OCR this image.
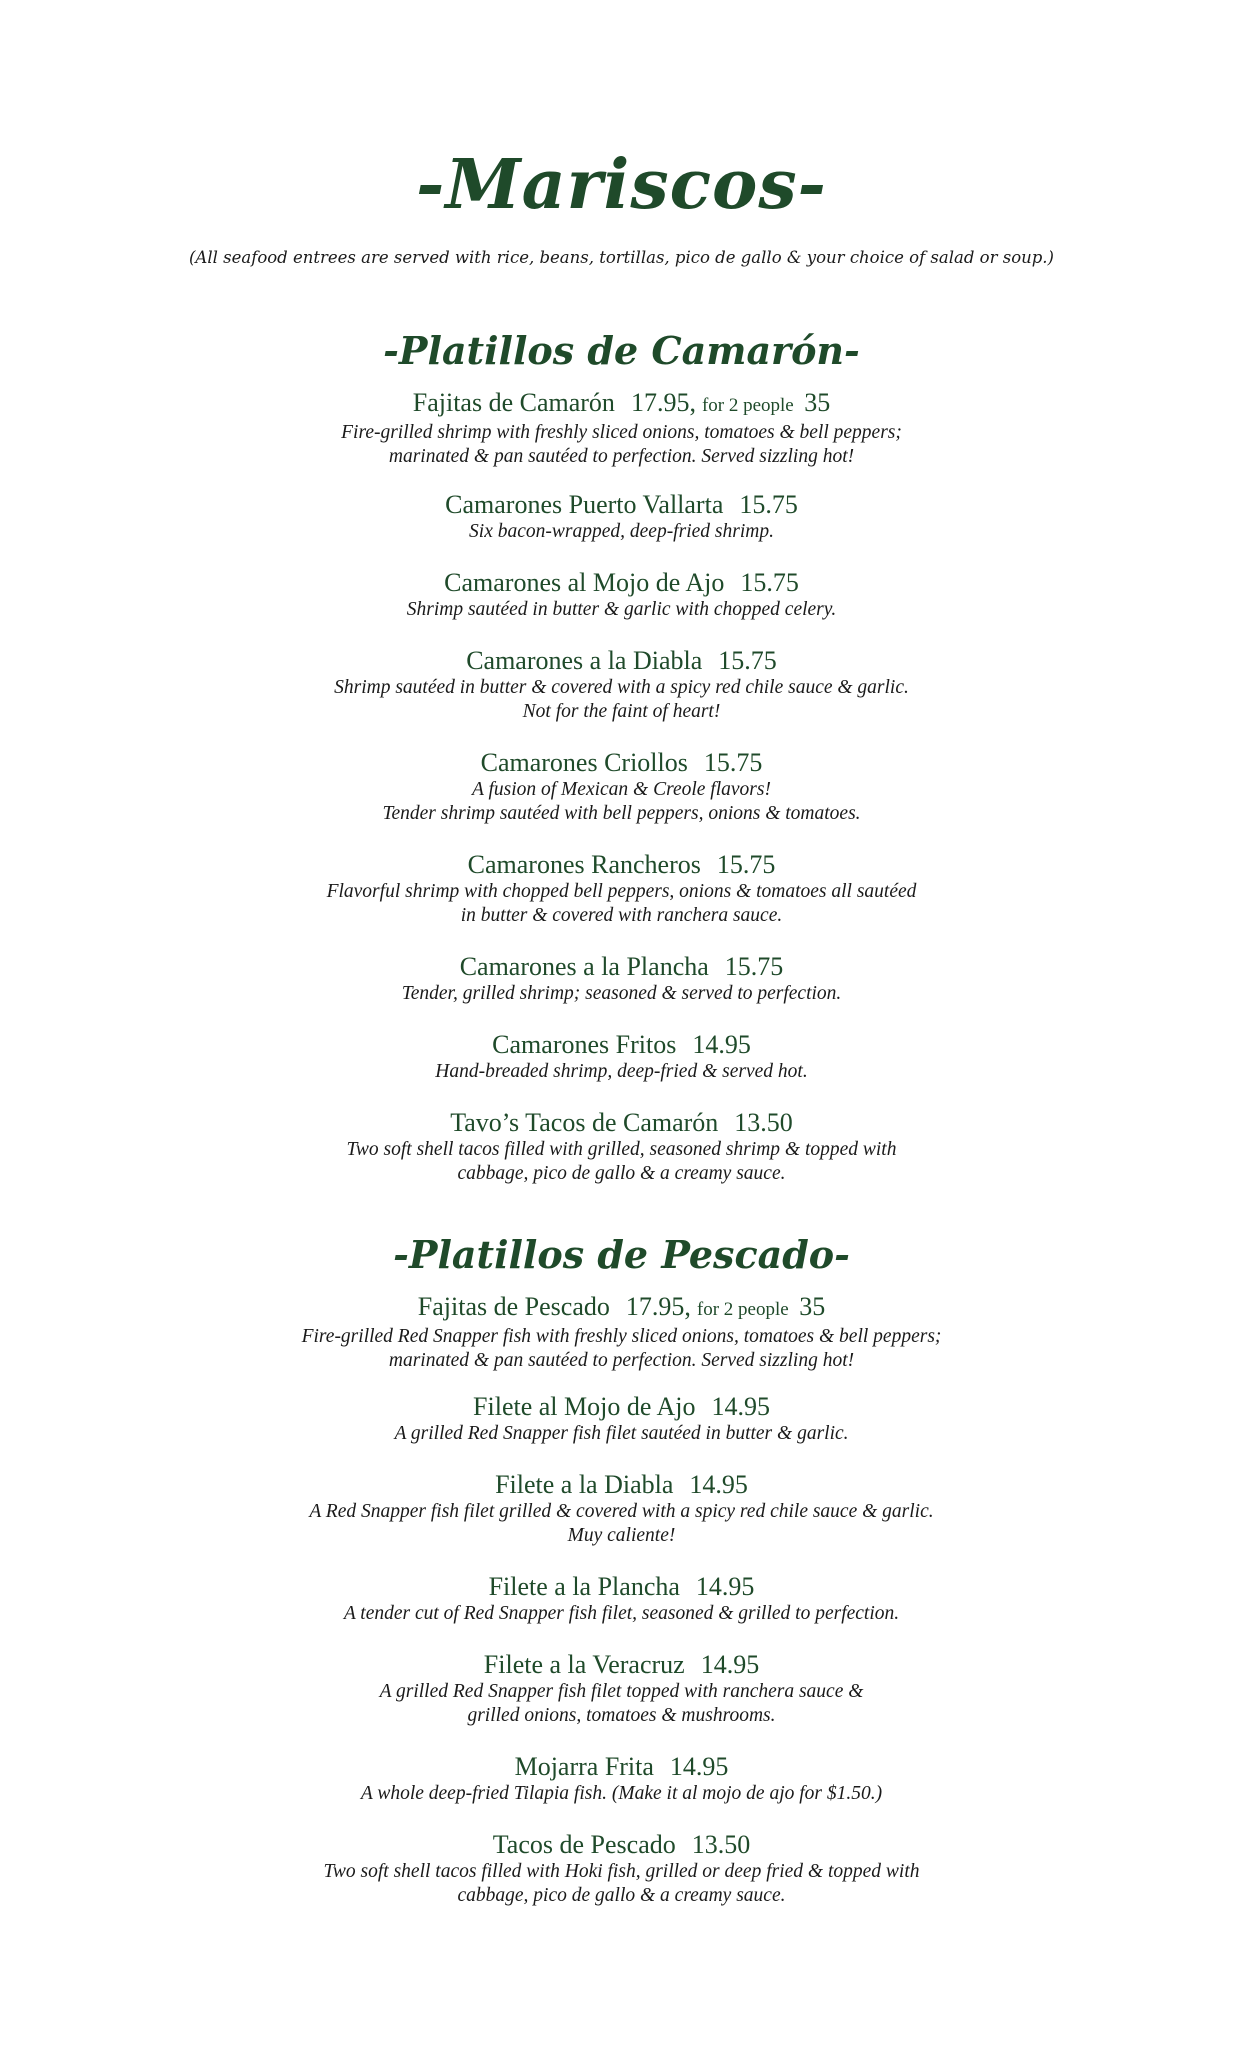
-Mariscos-
(All seafood entrees are served with rice, beans, tortillas, pico de gallo & your choice of salad or soup.)
-Platillos de Camarón-
Fajitas de Camarón 17.95, for 2 people 35
Fire-grilled shrimp with freshly sliced onions, tomatoes & bell peppers;
marinated & pan sautéed to perfection. Served sizzling hot!
Camarones Puerto Vallarta 15.75
Six bacon-wrapped, deep-fried shrimp.
Camarones al Mojo de Ajo 15.75
Shrimp sautéed in butter & garlic with chopped celery.
Camarones a la Diabla 15.75
Shrimp sautéed in butter & covered with a spicy red chile sauce & garlic.
Not for the faint of heart!
Camarones Criollos 15.75
A fusion of Mexican & Creole flavors!
Tender shrimp sautéed with bell peppers, onions & tomatoes.
Camarones Rancheros 15.75
Flavorful shrimp with chopped bell peppers, onions & tomatoes all sautéed
in butter & covered with ranchera sauce.
Camarones a la Plancha 15.75
Tender, grilled shrimp; seasoned & served to perfection.
Camarones Fritos 14.95
Hand-breaded shrimp, deep-fried & served hot.
Tavo’s Tacos de Camarón 13.50
Two soft shell tacos filled with grilled, seasoned shrimp & topped with
cabbage, pico de gallo & a creamy sauce.
-Platillos de Pescado-
Fajitas de Pescado 17.95, for 2 people 35
Fire-grilled Red Snapper fish with freshly sliced onions, tomatoes & bell peppers;
marinated & pan sautéed to perfection. Served sizzling hot!
Filete al Mojo de Ajo 14.95
A grilled Red Snapper fish filet sautéed in butter & garlic.
Filete a la Diabla 14.95
A Red Snapper fish filet grilled & covered with a spicy red chile sauce & garlic.
Muy caliente!
Filete a la Plancha 14.95
A tender cut of Red Snapper fish filet, seasoned & grilled to perfection.
Filete a la Veracruz 14.95
A grilled Red Snapper fish filet topped with ranchera sauce &
grilled onions, tomatoes & mushrooms.
Mojarra Frita 14.95
A whole deep-fried Tilapia fish. (Make it al mojo de ajo for $1.50.)
Tacos de Pescado 13.50
Two soft shell tacos filled with Hoki fish, grilled or deep fried & topped with
cabbage, pico de gallo & a creamy sauce.
